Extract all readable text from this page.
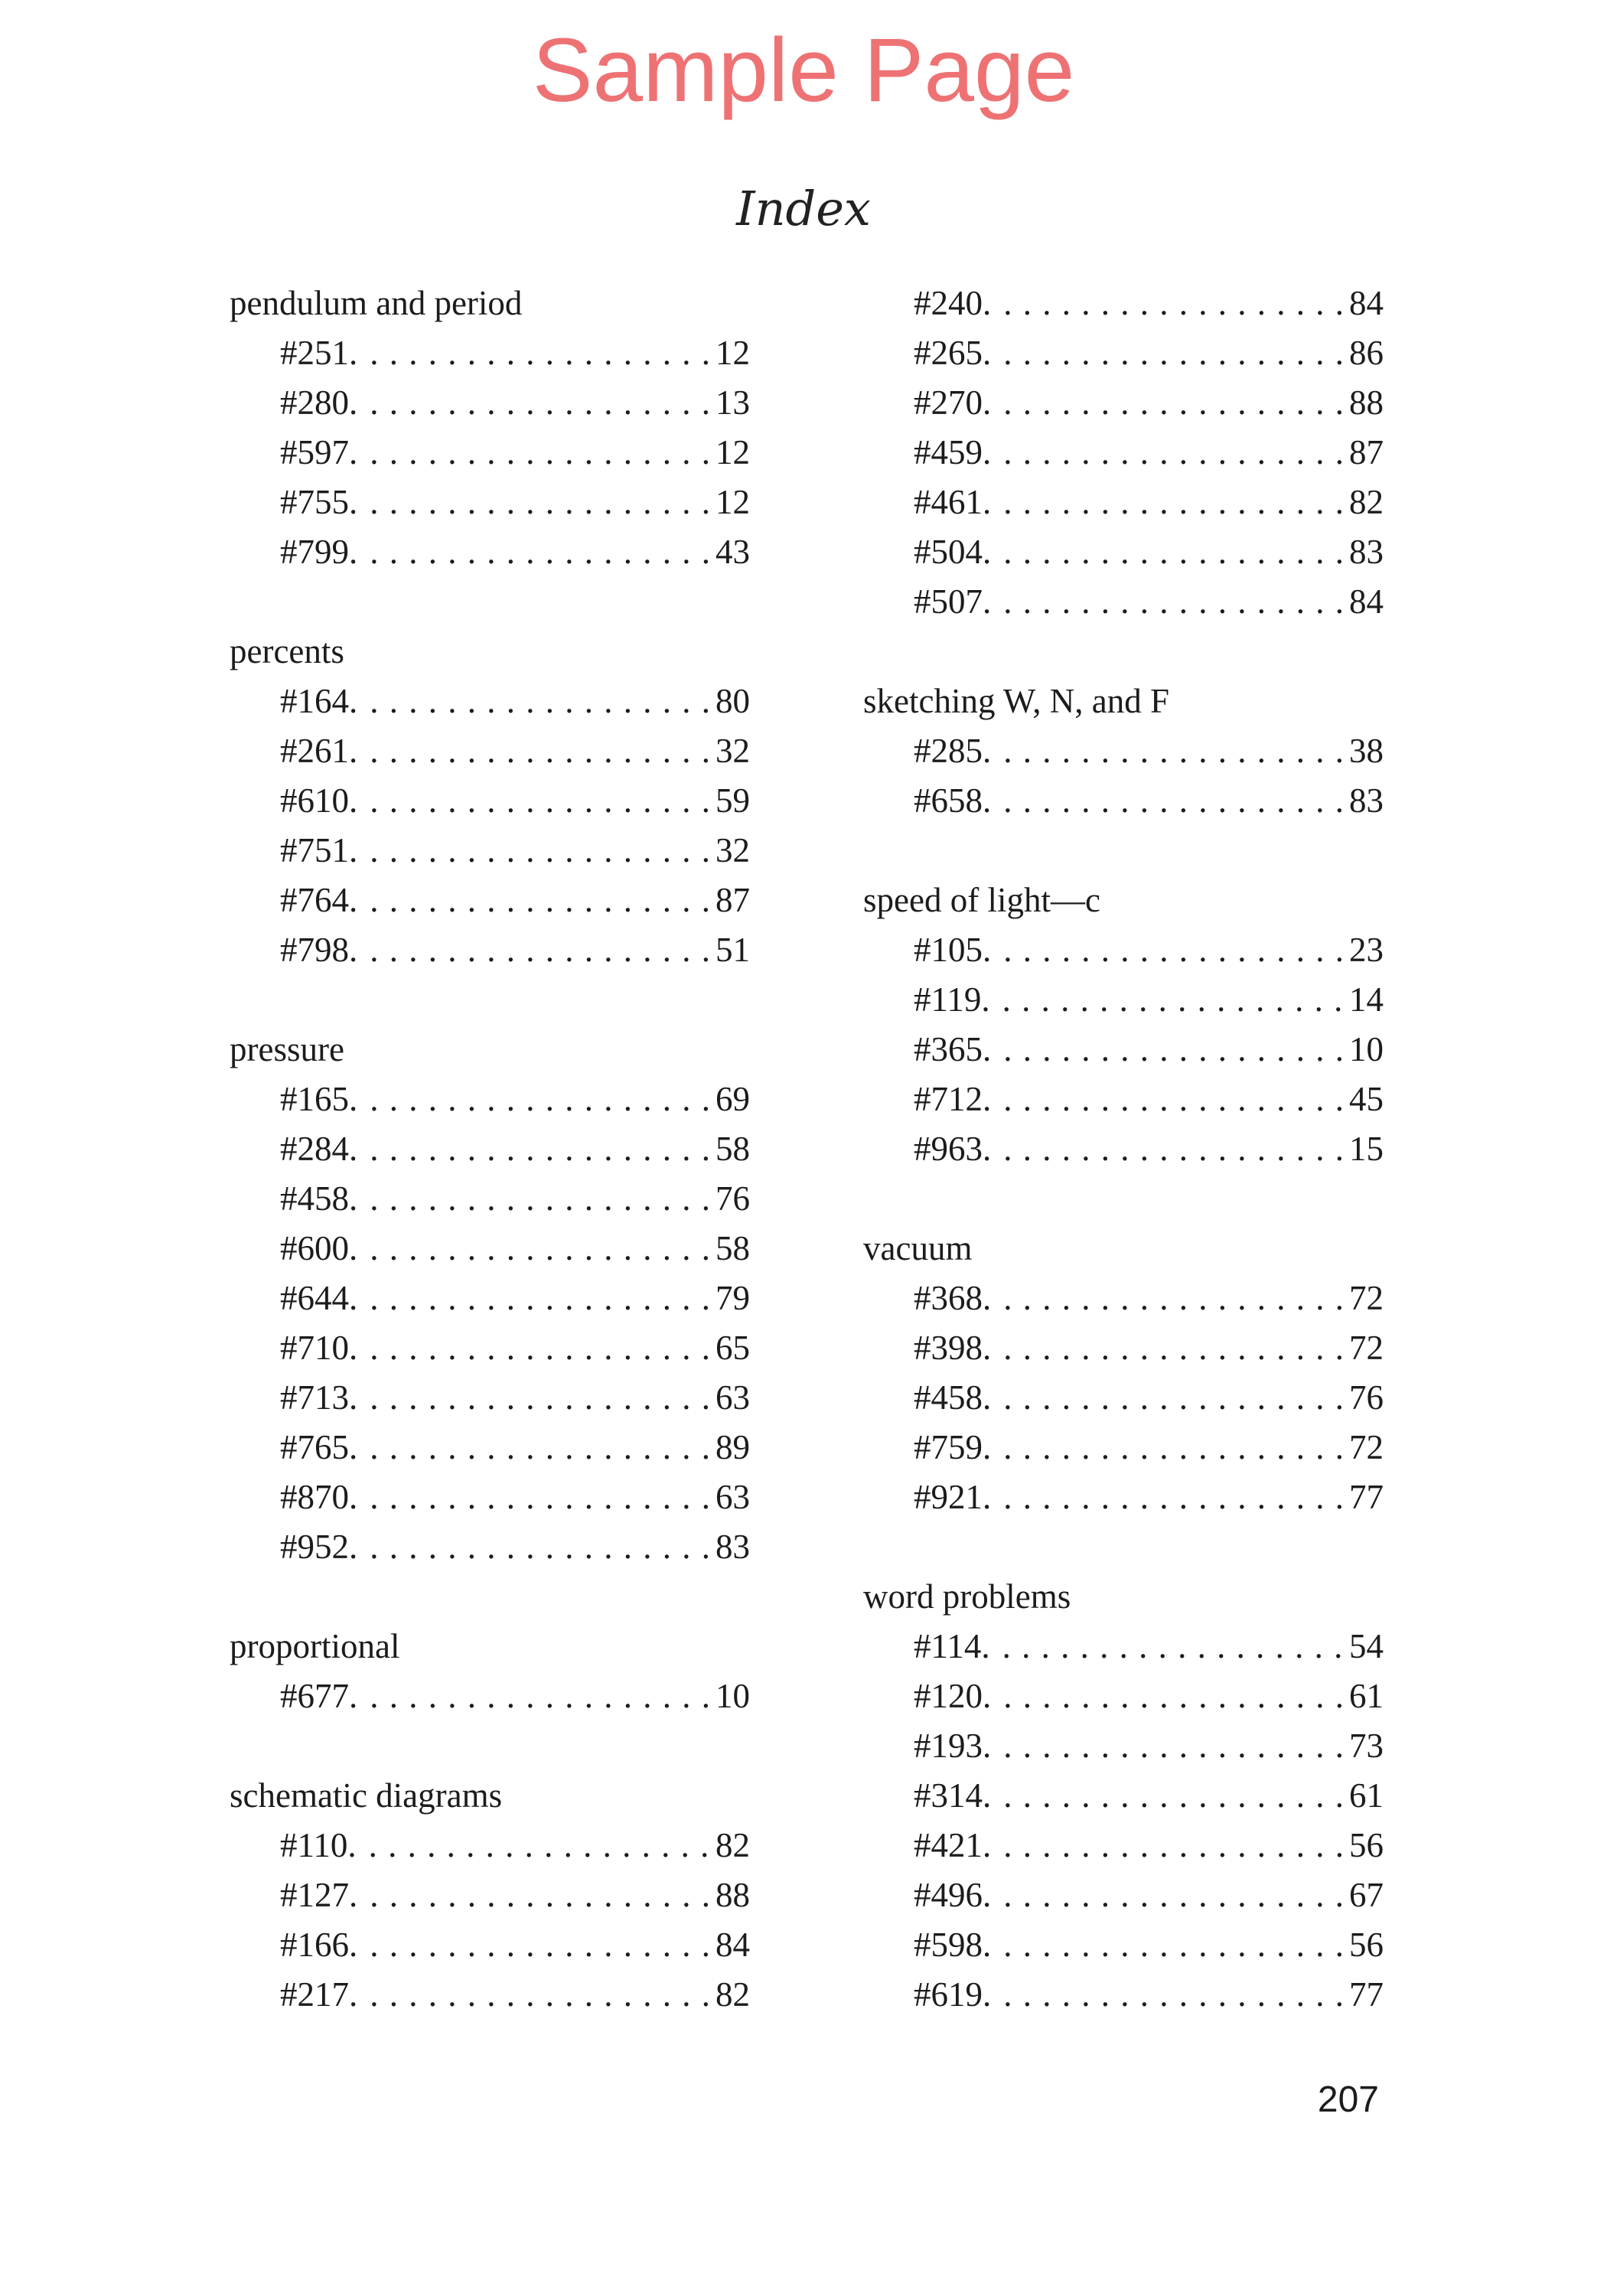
Sample Page
Index
pendulum and period
#251. . . .	12
#280. . . .	13
#597. . . .	12
#755. . . .	12
#799. . . .	43
percents
#164. . . .	80
#261. . . .	32
#610. . . .	59
#751. . . .	32
#764. . . .	87
#798. . . .	51
pressure
#165. . . .	69
#284. . . .	58
#458. . . .	76
#600. . . .	58
#644. . . .	79
#710. . . .	65
#713. . . .	63
#765. . . .	89
#870. . . .	63
#952. . . .	83
proportional
#677. . . .	10
schematic diagrams
#110. . . .	82
#127. . . .	88
#166. . . .	84
#217. . . .	82
#240. . . .	84
#265. . . .	86
#270. . . .	88
#459. . . .	87
#461. . . .	82
#504. . . .	83
#507. . . .	84
sketching W, N, and F
#285. . . .	38
#658. . . .	83
speed of light—c
#105. . . .	23
#119. . . .	14
#365. . . .	10
#712. . . .	45
#963. . . .	15
vacuum
#368. . . .	72
#398. . . .	72
#458. . . .	76
#759. . . .	72
#921. . . .	77
word problems
#114. . . .	54
#120. . . .	61
#193. . . .	73
#314. . . .	61
#421. . . .	56
#496. . . .	67
#598. . . .	56
#619. . . .	77
207
